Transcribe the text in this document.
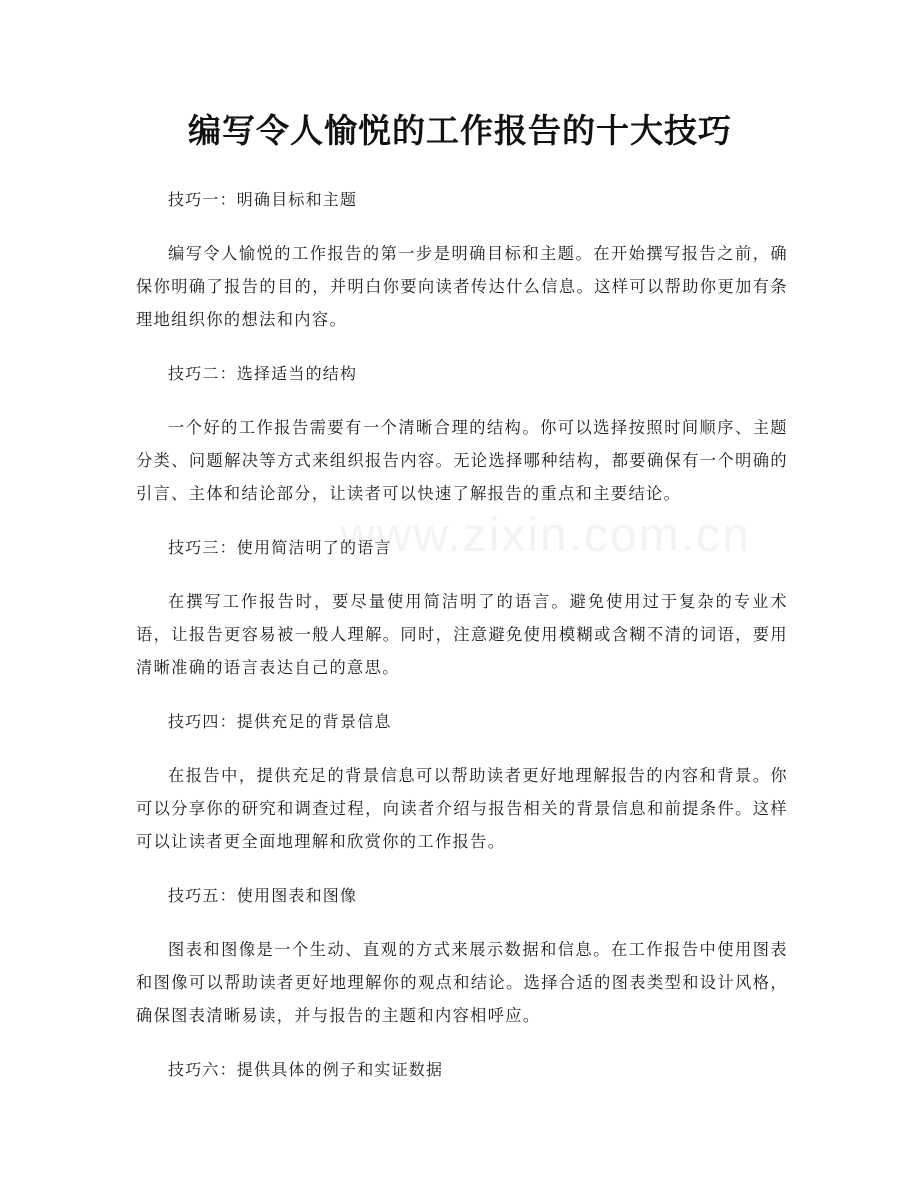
www.zixin.com.cn
编写令人愉悦的工作报告的十大技巧

技巧一：明确目标和主题

编写令人愉悦的工作报告的第一步是明确目标和主题。在开始撰写报告之前，确保你明确了报告的目的，并明白你要向读者传达什么信息。这样可以帮助你更加有条理地组织你的想法和内容。

技巧二：选择适当的结构

一个好的工作报告需要有一个清晰合理的结构。你可以选择按照时间顺序、主题分类、问题解决等方式来组织报告内容。无论选择哪种结构，都要确保有一个明确的引言、主体和结论部分，让读者可以快速了解报告的重点和主要结论。

技巧三：使用简洁明了的语言

在撰写工作报告时，要尽量使用简洁明了的语言。避免使用过于复杂的专业术语，让报告更容易被一般人理解。同时，注意避免使用模糊或含糊不清的词语，要用清晰准确的语言表达自己的意思。

技巧四：提供充足的背景信息

在报告中，提供充足的背景信息可以帮助读者更好地理解报告的内容和背景。你可以分享你的研究和调查过程，向读者介绍与报告相关的背景信息和前提条件。这样可以让读者更全面地理解和欣赏你的工作报告。

技巧五：使用图表和图像

图表和图像是一个生动、直观的方式来展示数据和信息。在工作报告中使用图表和图像可以帮助读者更好地理解你的观点和结论。选择合适的图表类型和设计风格，确保图表清晰易读，并与报告的主题和内容相呼应。

技巧六：提供具体的例子和实证数据
